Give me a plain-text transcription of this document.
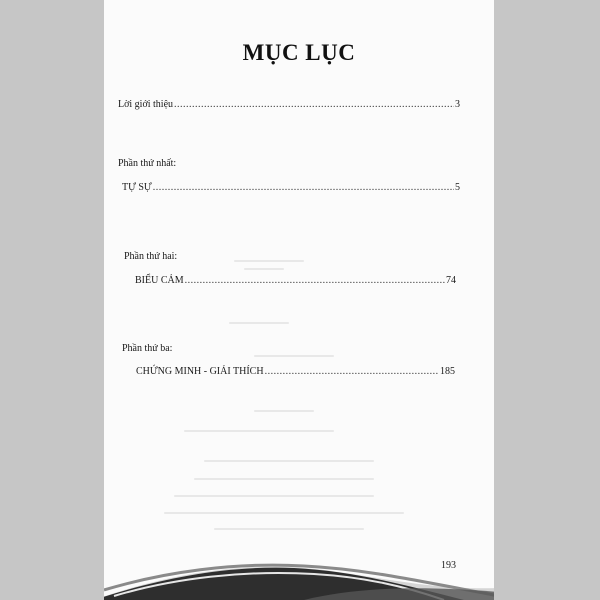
MỤC LỤC
Lời giới thiệu .....	3
Phần thứ nhất:
TỰ SỰ .....	5
Phần thứ hai:
BIỂU CẢM .....	74
Phần thứ ba:
CHỨNG MINH - GIẢI THÍCH .....	185
193
